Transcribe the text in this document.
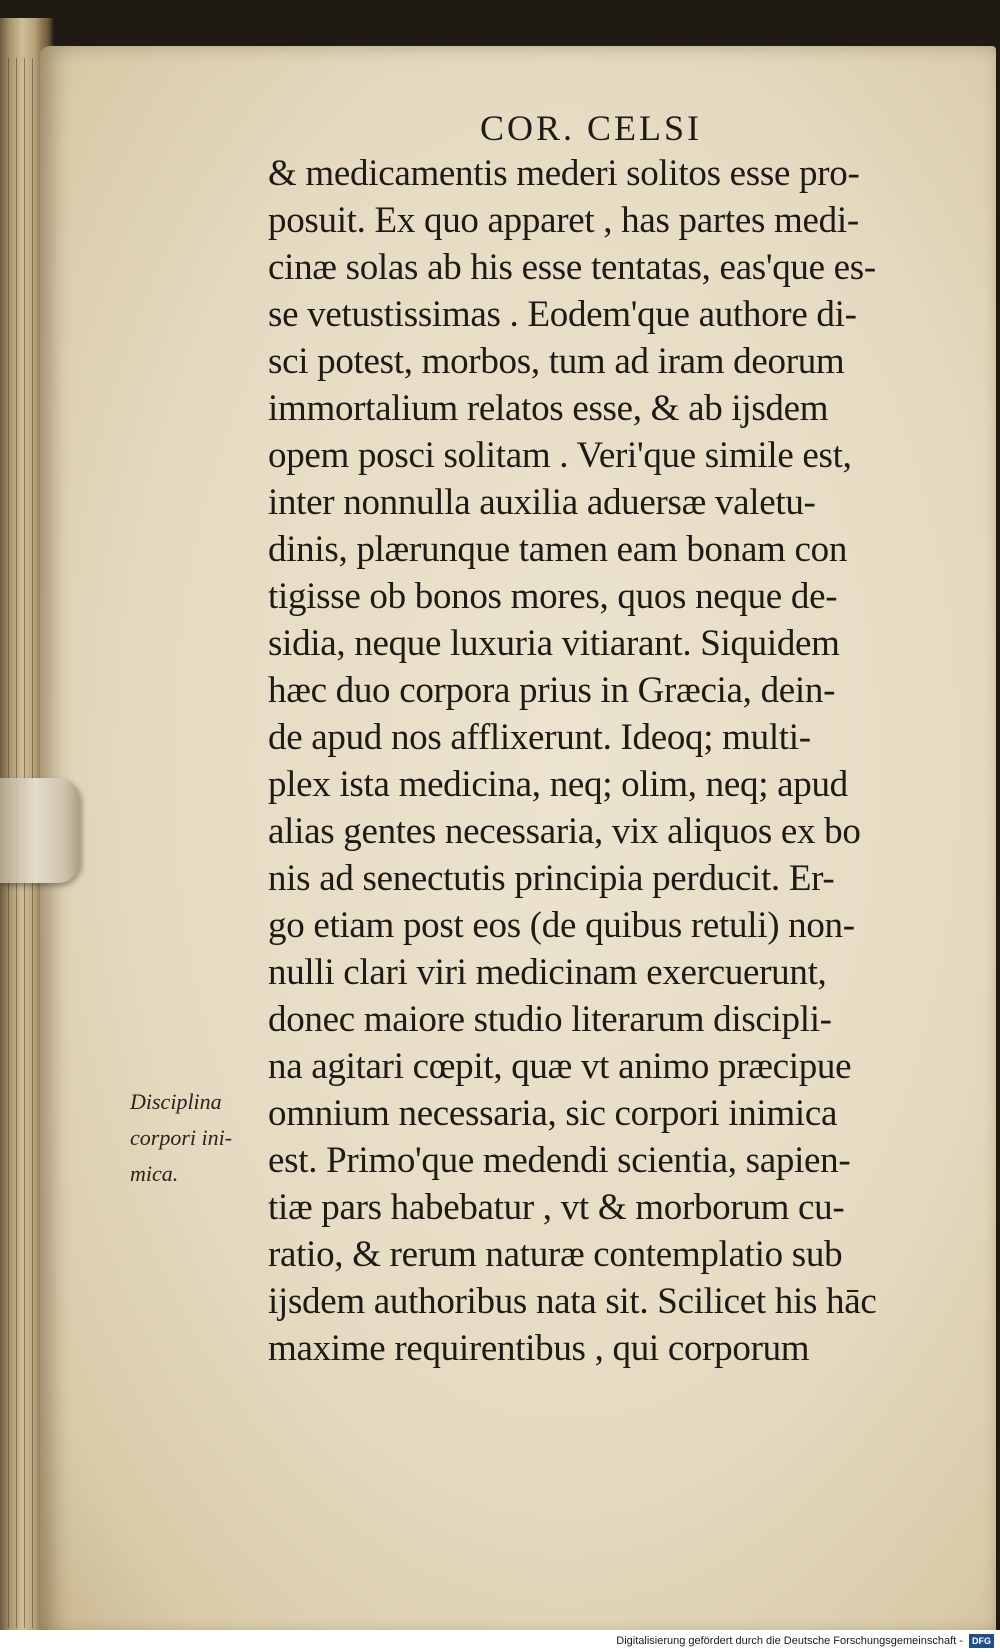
COR. CELSI
& medicamentis mederi solitos esse pro-
posuit. Ex quo apparet , has partes medi-
cinæ solas ab his esse tentatas, eas'que es-
se vetustissimas . Eodem'que authore di-
sci potest, morbos, tum ad iram deorum
immortalium relatos esse, & ab ijsdem
opem posci solitam . Veri'que simile est,
inter nonnulla auxilia aduersæ valetu-
dinis, plærunque tamen eam bonam con
tigisse ob bonos mores, quos neque de-
sidia, neque luxuria vitiarant. Siquidem
hæc duo corpora prius in Græcia, dein-
de apud nos afflixerunt. Ideoq; multi-
plex ista medicina, neq; olim, neq; apud
alias gentes necessaria, vix aliquos ex bo
nis ad senectutis principia perducit. Er-
go etiam post eos (de quibus retuli) non-
nulli clari viri medicinam exercuerunt,
donec maiore studio literarum discipli-
na agitari cœpit, quæ vt animo præcipue
omnium necessaria, sic corpori inimica
est. Primo'que medendi scientia, sapien-
tiæ pars habebatur , vt & morborum cu-
ratio, & rerum naturæ contemplatio sub
ijsdem authoribus nata sit. Scilicet his hāc
maxime requirentibus , qui corporum
Disciplina
corpori ini-
mica.
Digitalisierung gefördert durch die Deutsche Forschungsgemeinschaft - DFG
